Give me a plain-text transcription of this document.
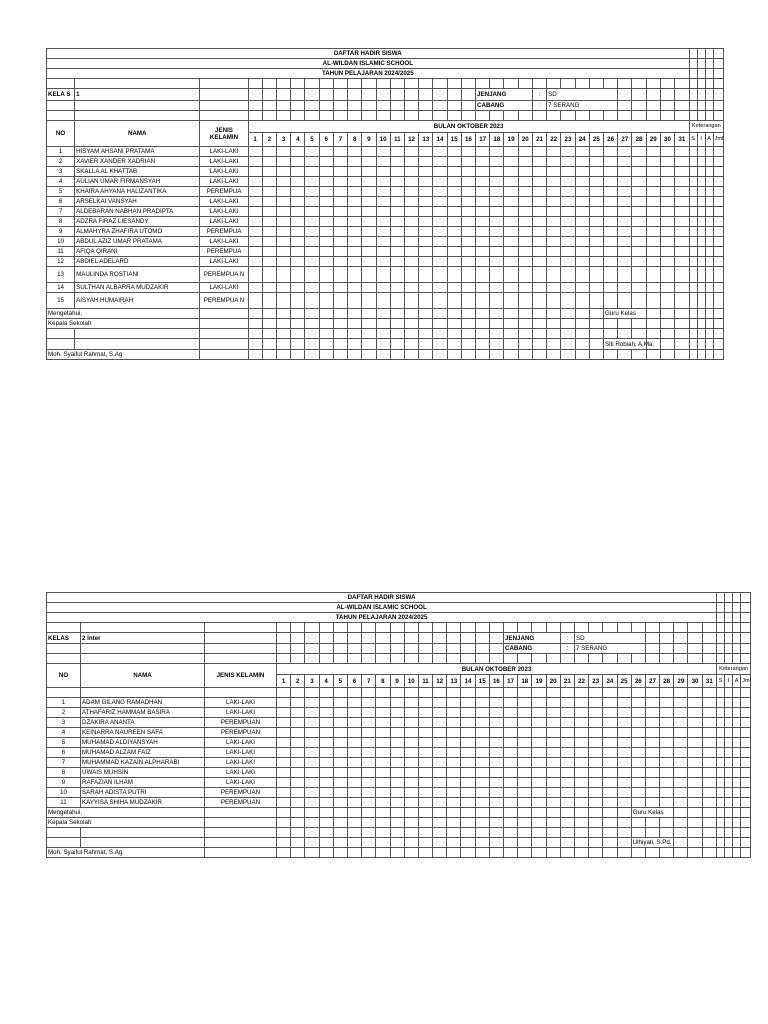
DAFTAR HADIR SISWA																																					
AL-WILDAN ISLAMIC SCHOOL																																					
TAHUN PELAJARAN 2024/2025																																					

KELA S	1																		JENJANG				:	SD													
																			CABANG				:	7 SERANG													

NO	NAMA	JENIS KELAMIN	BULAN OKTOBER 2023																															Keterangan			
			1	2	3	4	5	6	7	8	9	10	11	12	13	14	15	16	17	18	19	20	21	22	23	24	25	26	27	28	29	30	31	S	I	A	Jml
1	HISYAM AHSANI PRATAMA	LAKI-LAKI																																			
2	XAVIER XANDER XADRIAN	LAKI-LAKI																																			
3	SKALLA AL KHATTAB	LAKI-LAKI																																			
4	AULIAN UMAR FIRMANSYAH	LAKI-LAKI																																			
5	KHAIRA AHYANA HALIZANTIKA	PEREMPUA																																			
6	ARSELKAI VANSYAH	LAKI-LAKI																																			
7	ALDEBARAN NABHAN PRADIPTA	LAKI-LAKI																																			
8	ADZRA FIRAZ LIESANDY	LAKI-LAKI																																			
9	ALMAHYRA ZHAFIRA UTOMO	PEREMPUA																																			
10	ABDUL AZIZ UMAR PRATAMA	LAKI-LAKI																																			
11	AFIQA QIRANI	PEREMPUA																																			
12	ABDIEL ADELARD	LAKI-LAKI																																			
13	MAULINDA ROSTIANI	PEREMPUA N																																			
14	SULTHAN ALBARRA MUDZAKIR	LAKI-LAKI																																			
15	AISYAH HUMAIRAH	PEREMPUA N																																			
Mengetahui,																												Guru Kelas									
Kepala Sekolah																																					

																												Siti Robiah, A.Ma.									
Moh. Syaiful Rahmat, S.Ag																																					
DAFTAR HADIR SISWA																																					
AL-WILDAN ISLAMIC SCHOOL																																					
TAHUN PELAJARAN 2024/2025																																					

KELAS	2 Inter																		JENJANG				:	SD													
																			CABANG				:	7 SERANG													

NO	NAMA	JENIS KELAMIN	BULAN OKTOBER 2023																															Keterangan			
			1	2	3	4	5	6	7	8	9	10	11	12	13	14	15	16	17	18	19	20	21	22	23	24	25	26	27	28	29	30	31	S	I	A	Jml

1	ADAM GILANG RAMADHAN	LAKI-LAKI																																			
2	ATHAFARIZ HAMMAM BASIRA	LAKI-LAKI																																			
3	DZAKIRA ANANTA	PEREMPUAN																																			
4	KEINARRA NAUREEN SAFA	PEREMPUAN																																			
5	MUHAMAD ALDIYANSYAH	LAKI-LAKI																																			
6	MUHAMAD ALZAM FAIZ	LAKI-LAKI																																			
7	MUHAMMAD KAZAIN ALPHARABI	LAKI-LAKI																																			
8	UWAIS MUHSIN	LAKI-LAKI																																			
9	RAFAZIAN ILHAM	LAKI-LAKI																																			
10	SARAH ADISTA PUTRI	PEREMPUAN																																			
11	KAYYISA SHIHA MUDZAKIR	PEREMPUAN																																			
Mengetahui,																												Guru Kelas									
Kepala Sekolah																																					

																												Ulhiyati, S.Pd.									
Moh. Syaiful Rahmat, S.Ag																																					
